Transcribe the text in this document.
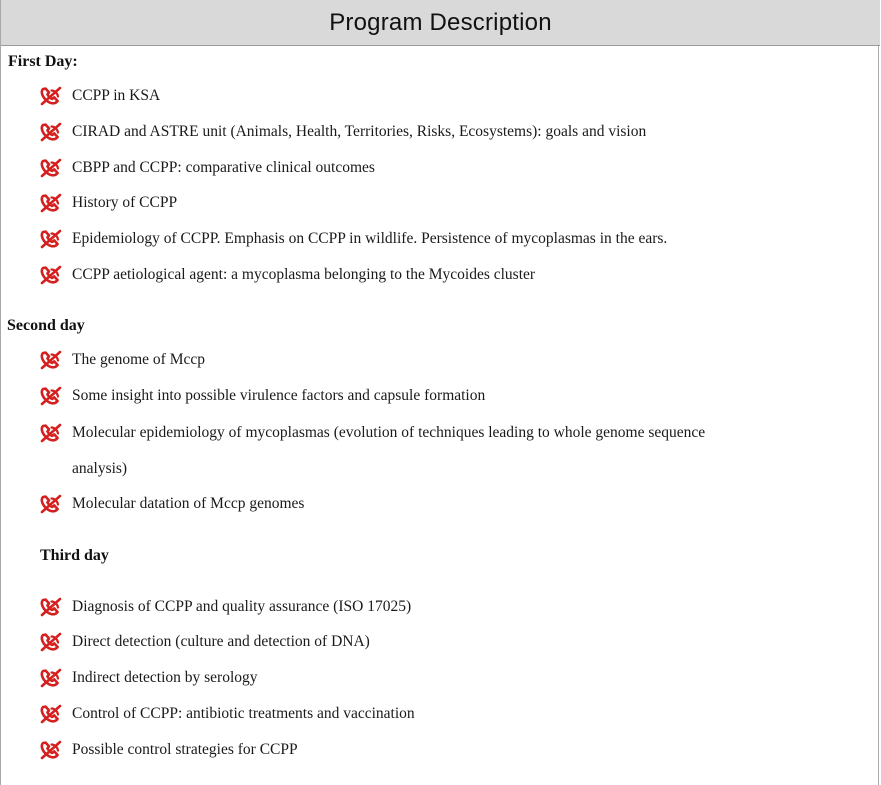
Program Description
First Day:
CCPP in KSA
CIRAD and ASTRE unit (Animals, Health, Territories, Risks, Ecosystems): goals and vision
CBPP and CCPP: comparative clinical outcomes
History of CCPP
Epidemiology of CCPP. Emphasis on CCPP in wildlife. Persistence of mycoplasmas in the ears.
CCPP aetiological agent: a mycoplasma belonging to the Mycoides cluster
Second day
The genome of Mccp
Some insight into possible virulence factors and capsule formation
Molecular epidemiology of mycoplasmas (evolution of techniques leading to whole genome sequence
analysis)
Molecular datation of Mccp genomes
Third day
Diagnosis of CCPP and quality assurance (ISO 17025)
Direct detection (culture and detection of DNA)
Indirect detection by serology
Control of CCPP: antibiotic treatments and vaccination
Possible control strategies for CCPP
